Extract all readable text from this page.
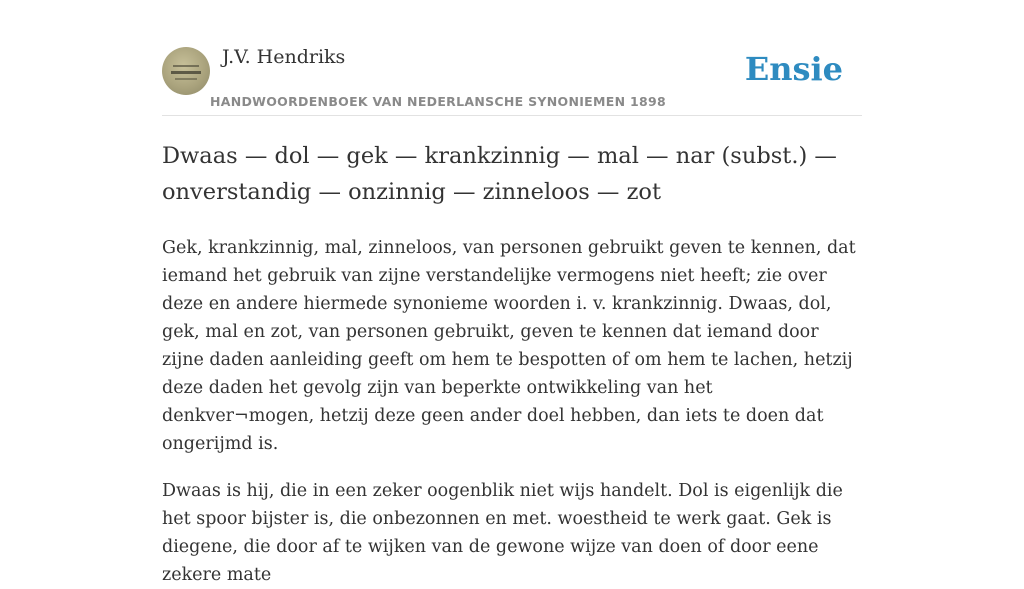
J.V. Hendriks
HANDWOORDENBOEK VAN NEDERLANSCHE SYNONIEMEN 1898
Ensie
Dwaas — dol — gek — krankzinnig — mal — nar (subst.) — onverstandig — onzinnig — zinneloos — zot

Gek, krankzinnig, mal, zinneloos, van personen gebruikt geven te kennen, dat iemand het gebruik van zijne verstandelijke vermogens niet heeft; zie over deze en andere hiermede synonieme woorden i. v. krankzinnig. Dwaas, dol, gek, mal en zot, van personen gebruikt, geven te kennen dat iemand door zijne daden aanleiding geeft om hem te bespotten of om hem te lachen, hetzij deze daden het gevolg zijn van beperkte ontwikkeling van het denkver¬mogen, hetzij deze geen ander doel hebben, dan iets te doen dat ongerijmd is.

Dwaas is hij, die in een zeker oogenblik niet wijs handelt. Dol is eigenlijk die het spoor bijster is, die onbezonnen en met. woestheid te werk gaat. Gek is diegene, die door af te wijken van de gewone wijze van doen of door eene zekere mate
